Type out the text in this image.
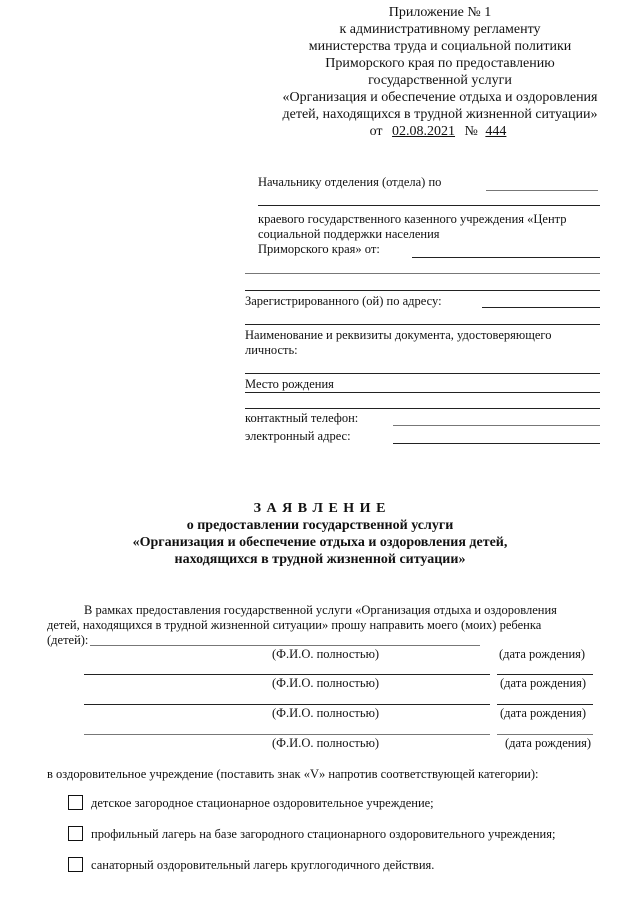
Приложение № 1
к административному регламенту
министерства труда и социальной политики
Приморского края по предоставлению
государственной услуги
«Организация и обеспечение отдыха и оздоровления
детей, находящихся в трудной жизненной ситуации»
от 02.08.2021 № 444
Начальнику отделения (отдела) по
краевого государственного казенного учреждения «Центр
социальной поддержки населения
Приморского края» от:
Зарегистрированного (ой) по адресу:
Наименование и реквизиты документа, удостоверяющего
личность:
Место рождения
контактный телефон:
электронный адрес:
З А Я В Л Е Н И Е
о предоставлении государственной услуги
«Организация и обеспечение отдыха и оздоровления детей,
находящихся в трудной жизненной ситуации»
В рамках предоставления государственной услуги «Организация отдыха и оздоровления
детей, находящихся в трудной жизненной ситуации» прошу направить моего (моих) ребенка
(детей):
(Ф.И.О. полностью)	(дата рождения)
(Ф.И.О. полностью)	(дата рождения)
(Ф.И.О. полностью)	(дата рождения)
(Ф.И.О. полностью)	(дата рождения)
в оздоровительное учреждение (поставить знак «V» напротив соответствующей категории):
детское загородное стационарное оздоровительное учреждение;
профильный лагерь на базе загородного стационарного оздоровительного учреждения;
санаторный оздоровительный лагерь круглогодичного действия.
